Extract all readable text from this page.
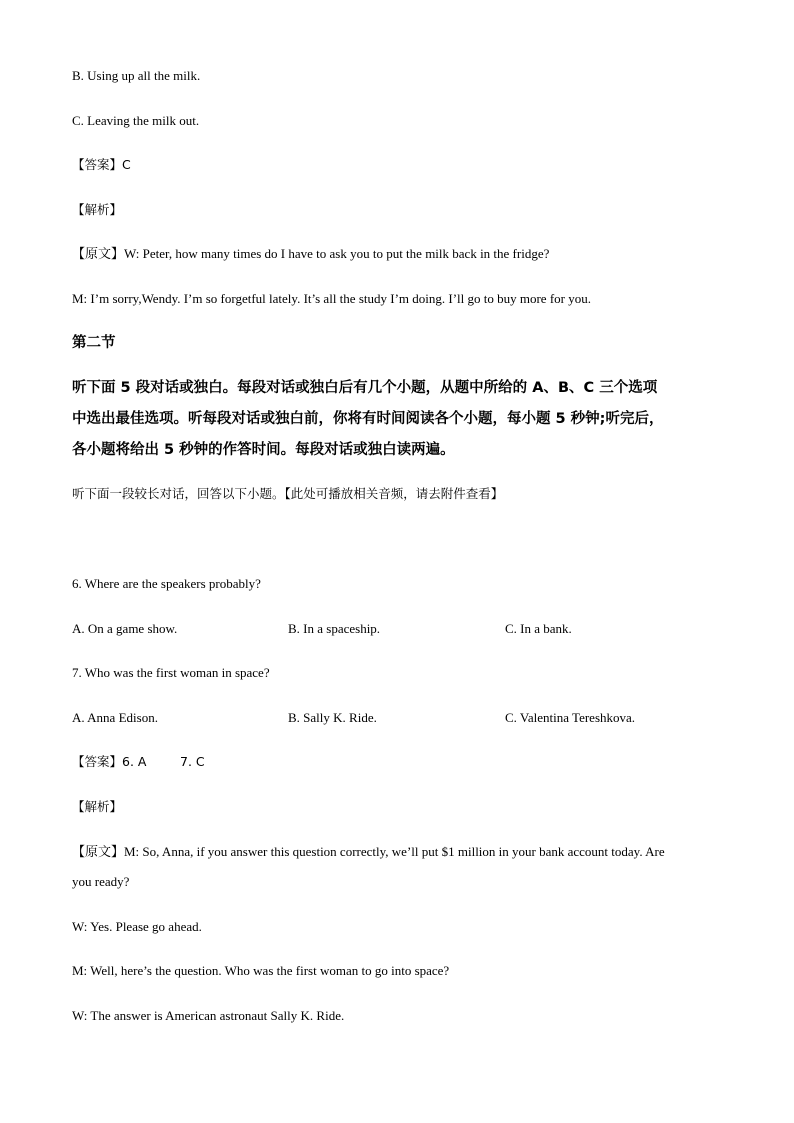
B. Using up all the milk.
C. Leaving the milk out.
【答案】C
【解析】
【原文】W: Peter, how many times do I have to ask you to put the milk back in the fridge?
M: I’m sorry,Wendy. I’m so forgetful lately. It’s all the study I’m doing. I’ll go to buy more for you.
第二节
听下面 5 段对话或独白。每段对话或独白后有几个小题，从题中所给的 A、B、C 三个选项
中选出最佳选项。听每段对话或独白前，你将有时间阅读各个小题，每小题 5 秒钟;听完后，
各小题将给出 5 秒钟的作答时间。每段对话或独白读两遍。
听下面一段较长对话，回答以下小题。【此处可播放相关音频，请去附件查看】
6. Where are the speakers probably?
A. On a game show.	B. In a spaceship.	C. In a bank.
7. Who was the first woman in space?
A. Anna Edison.	B. Sally K. Ride.	C. Valentina Tereshkova.
【答案】6. A	7. C
【解析】
【原文】M: So, Anna, if you answer this question correctly, we’ll put $1 million in your bank account today. Are
you ready?
W: Yes. Please go ahead.
M: Well, here’s the question. Who was the first woman to go into space?
W: The answer is American astronaut Sally K. Ride.
